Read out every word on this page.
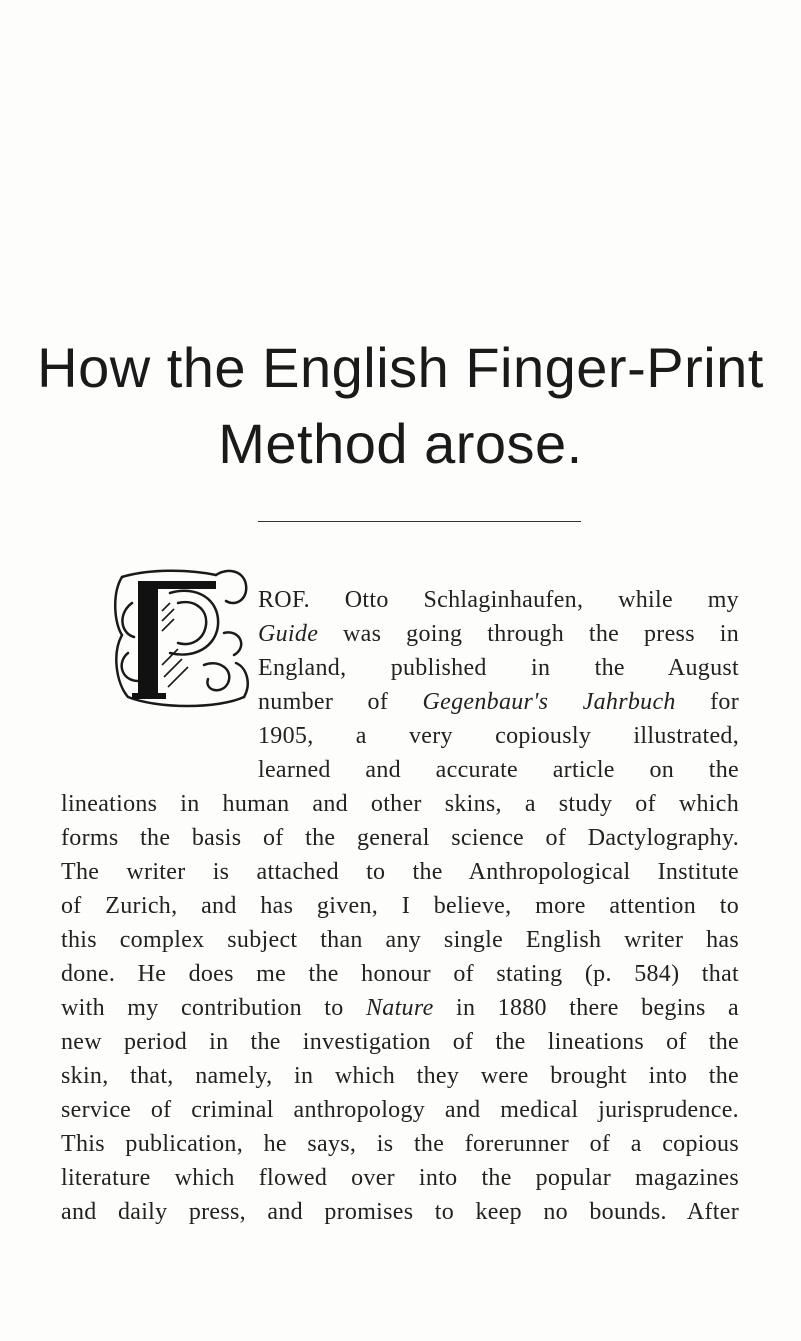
How the English Finger-Print
Method arose.
ROF. Otto Schlaginhaufen, while my
Guide was going through the press in
England, published in the August
number of Gegenbaur's Jahrbuch for
1905, a very copiously illustrated,
learned and accurate article on the
lineations in human and other skins, a study of which
forms the basis of the general science of Dactylography.
The writer is attached to the Anthropological Institute
of Zurich, and has given, I believe, more attention to
this complex subject than any single English writer has
done. He does me the honour of stating (p. 584) that
with my contribution to Nature in 1880 there begins a
new period in the investigation of the lineations of the
skin, that, namely, in which they were brought into the
service of criminal anthropology and medical jurisprudence.
This publication, he says, is the forerunner of a copious
literature which flowed over into the popular magazines
and daily press, and promises to keep no bounds. After
